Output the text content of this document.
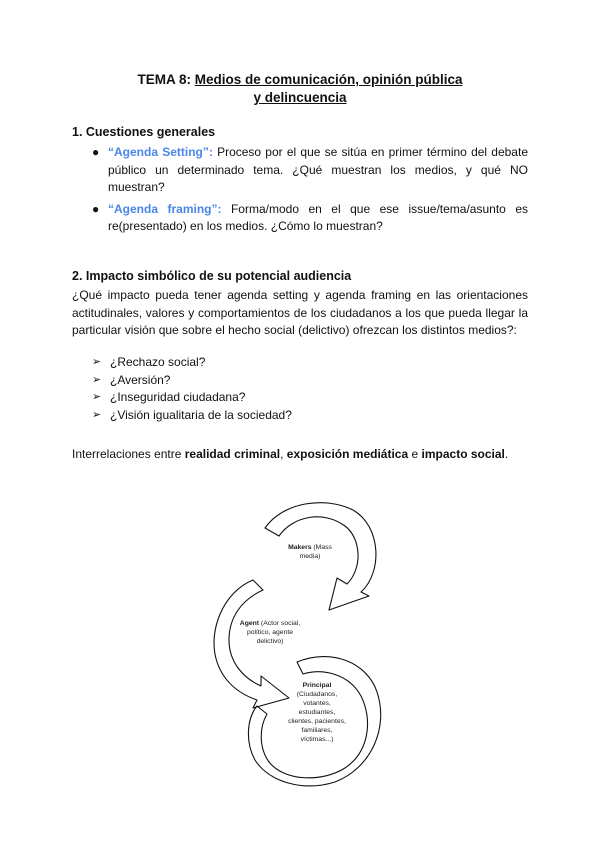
TEMA 8: Medios de comunicación, opinión pública
y delincuencia
1. Cuestiones generales
● “Agenda Setting”: Proceso por el que se sitúa en primer término del debate público un determinado tema. ¿Qué muestran los medios, y qué NO muestran?
● “Agenda framing”: Forma/modo en el que ese issue/tema/asunto es re(presentado) en los medios. ¿Cómo lo muestran?
2. Impacto simbólico de su potencial audiencia

¿Qué impacto pueda tener agenda setting y agenda framing en las orientaciones actitudinales, valores y comportamientos de los ciudadanos a los que pueda llegar la particular visión que sobre el hecho social (delictivo) ofrezcan los distintos medios?:

➢ ¿Rechazo social?
➢ ¿Aversión?
➢ ¿Inseguridad ciudadana?
➢ ¿Visión igualitaria de la sociedad?
Interrelaciones entre realidad criminal, exposición mediática e impacto social.
Makers (Mass
media)
Agent (Actor social,
político, agente
delictivo)
Principal
(Ciudadanos,
votantes,
estudiantes,
clientes, pacientes,
familiares,
víctimas...)
